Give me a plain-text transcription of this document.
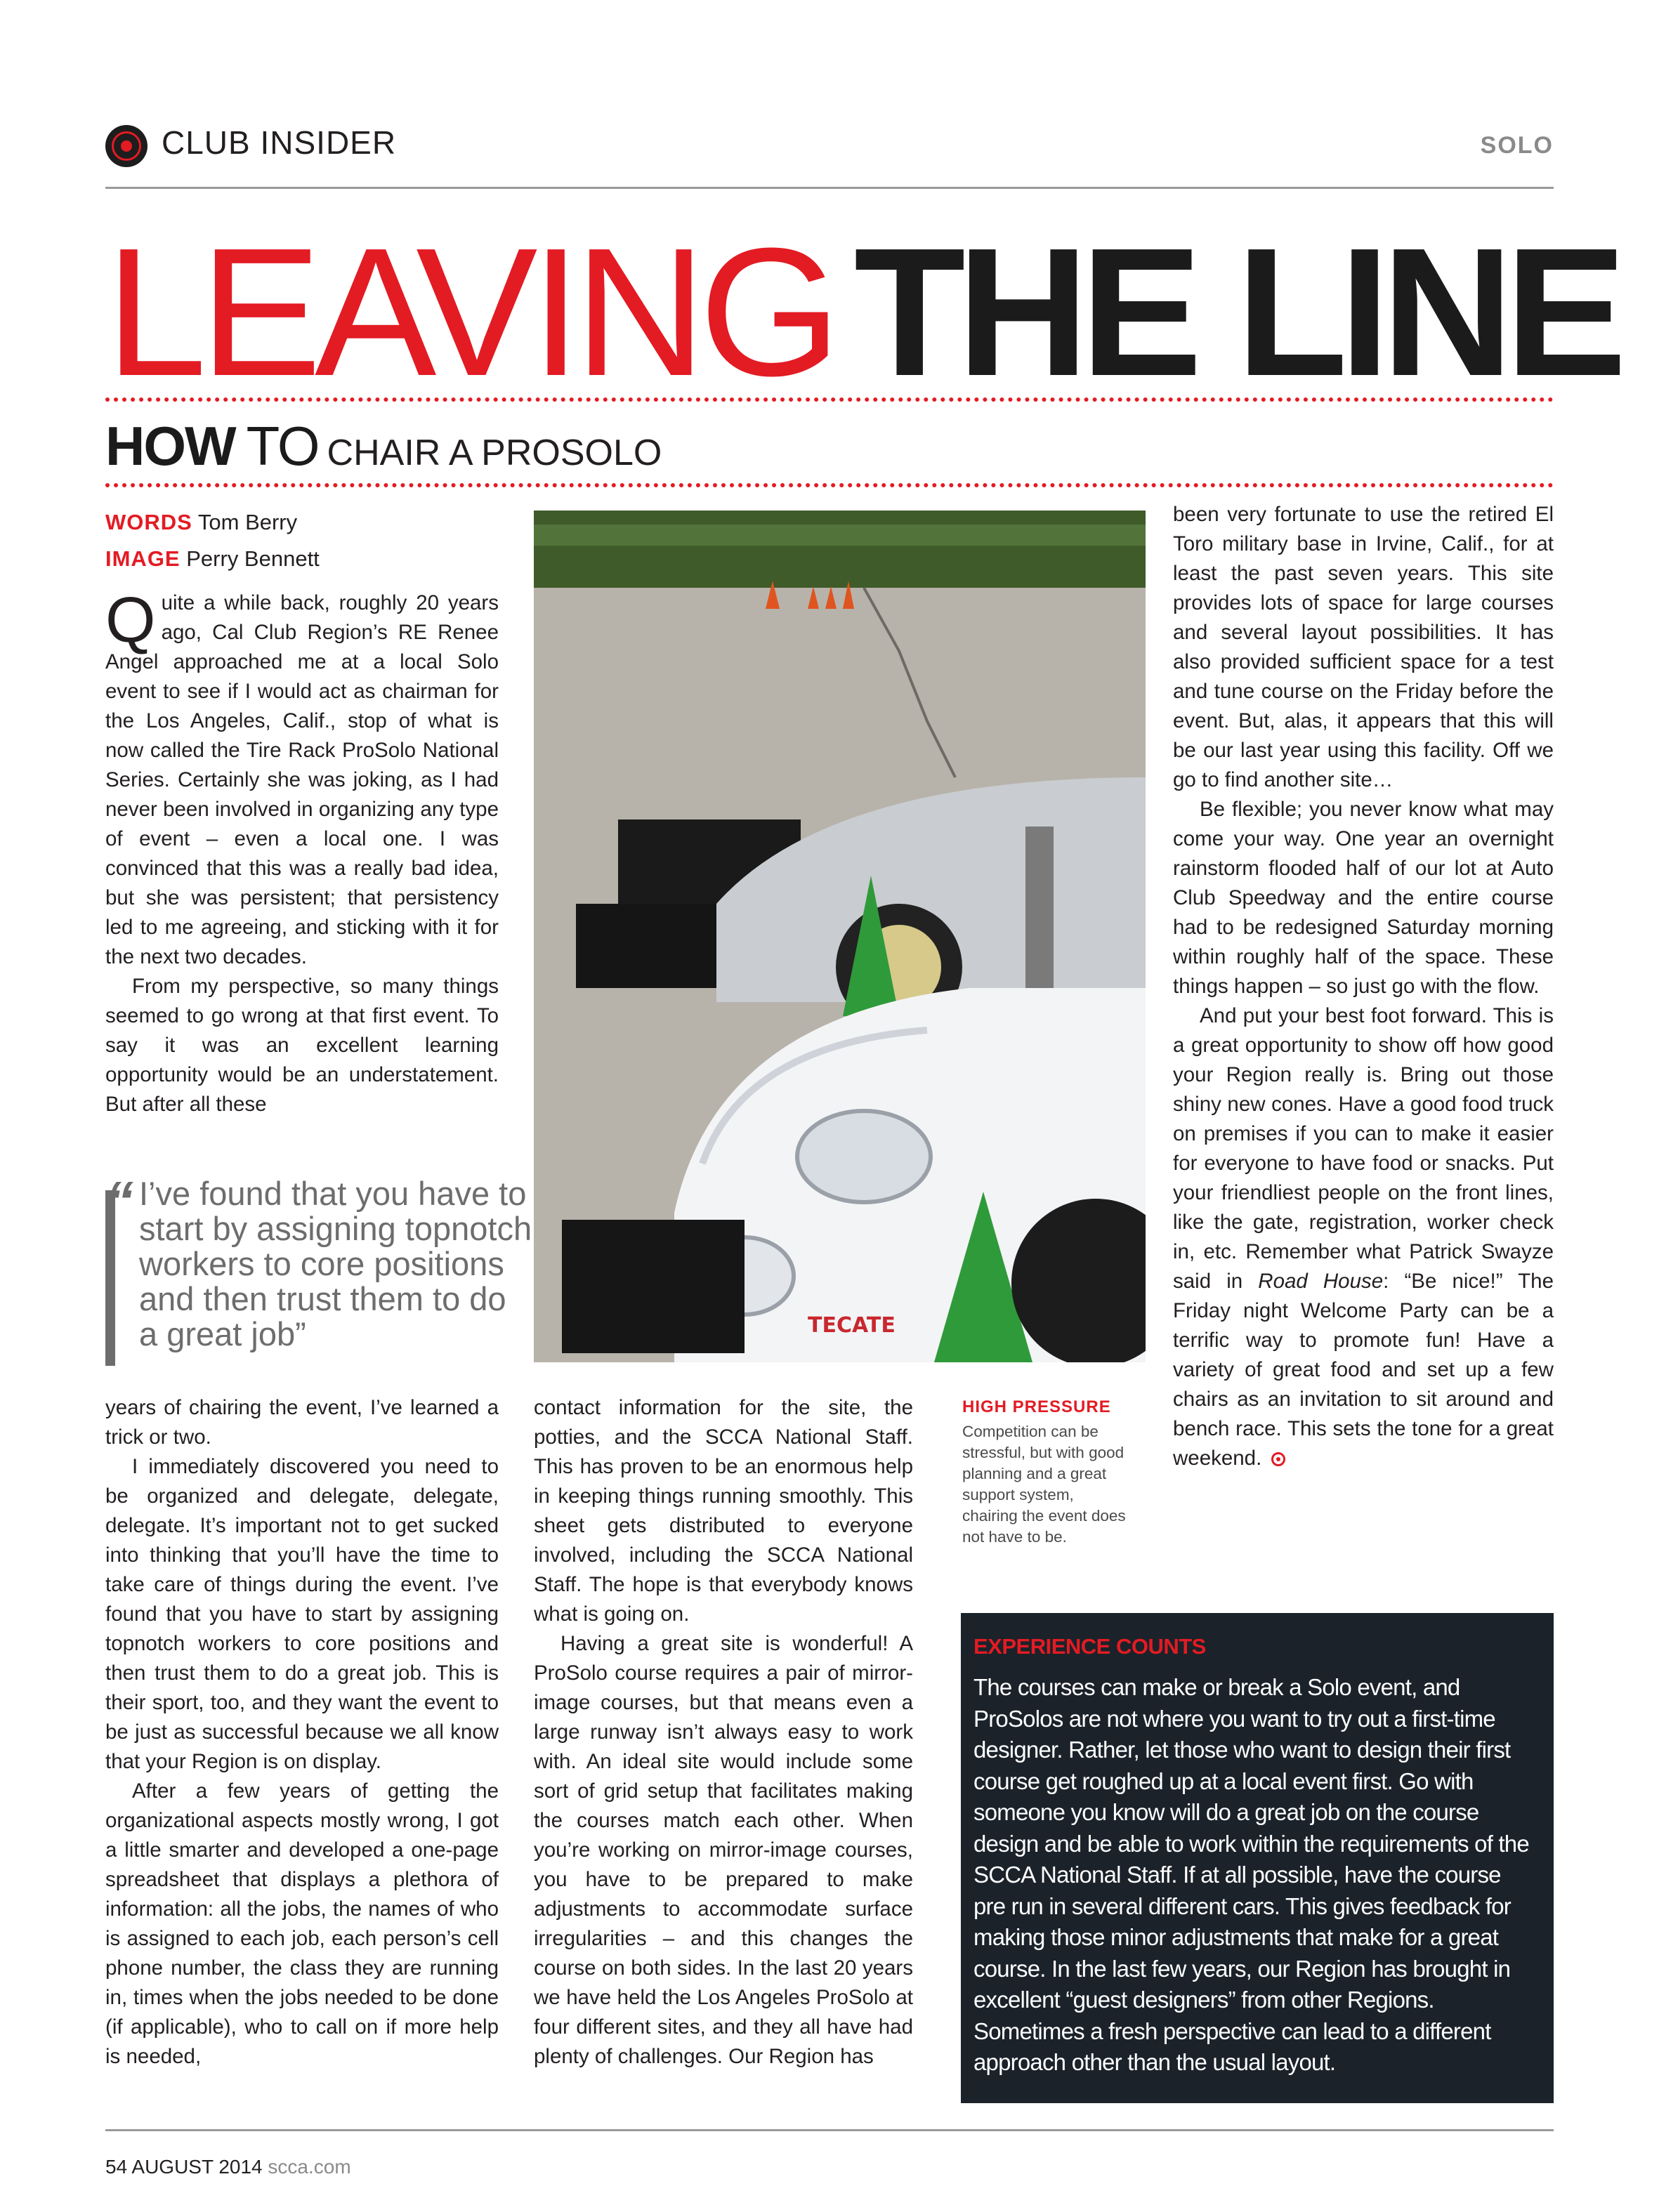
CLUB INSIDER	SOLO
LEAVING THE LINE
HOW TO CHAIR A PROSOLO
WORDS Tom Berry
IMAGE Perry Bennett

Quite a while back, roughly 20 years ago, Cal Club Region’s RE Renee Angel approached me at a local Solo event to see if I would act as chairman for the Los Angeles, Calif., stop of what is now called the Tire Rack ProSolo National Series. Certainly she was joking, as I had never been involved in organizing any type of event – even a local one. I was convinced that this was a really bad idea, but she was persistent; that persistency led to me agreeing, and sticking with it for the next two decades.

From my perspective, so many things seemed to go wrong at that first event. To say it was an excellent learning opportunity would be an understatement. But after all these

“ I’ve found that you have to start by assigning topnotch workers to core positions and then trust them to do a great job”

years of chairing the event, I’ve learned a trick or two.

I immediately discovered you need to be organized and delegate, delegate, delegate. It’s important not to get sucked into thinking that you’ll have the time to take care of things during the event. I’ve found that you have to start by assigning topnotch workers to core positions and then trust them to do a great job. This is their sport, too, and they want the event to be just as successful because we all know that your Region is on display.

After a few years of getting the organizational aspects mostly wrong, I got a little smarter and developed a one-page spreadsheet that displays a plethora of information: all the jobs, the names of who is assigned to each job, each person’s cell phone number, the class they are running in, times when the jobs needed to be done (if applicable), who to call on if more help is needed,

TECATE

contact information for the site, the potties, and the SCCA National Staff. This has proven to be an enormous help in keeping things running smoothly. This sheet gets distributed to everyone involved, including the SCCA National Staff. The hope is that everybody knows what is going on.

Having a great site is wonderful! A ProSolo course requires a pair of mirror-image courses, but that means even a large runway isn’t always easy to work with. An ideal site would include some sort of grid setup that facilitates making the courses match each other. When you’re working on mirror-image courses, you have to be prepared to make adjustments to accommodate surface irregularities – and this changes the course on both sides. In the last 20 years we have held the Los Angeles ProSolo at four different sites, and they all have had plenty of challenges. Our Region has

been very fortunate to use the retired El Toro military base in Irvine, Calif., for at least the past seven years. This site provides lots of space for large courses and several layout possibilities. It has also provided sufficient space for a test and tune course on the Friday before the event. But, alas, it appears that this will be our last year using this facility. Off we go to find another site…

Be flexible; you never know what may come your way. One year an overnight rainstorm flooded half of our lot at Auto Club Speedway and the entire course had to be redesigned Saturday morning within roughly half of the space. These things happen – so just go with the flow.

And put your best foot forward. This is a great opportunity to show off how good your Region really is. Bring out those shiny new cones. Have a good food truck on premises if you can to make it easier for everyone to have food or snacks. Put your friendliest people on the front lines, like the gate, registration, worker check in, etc. Remember what Patrick Swayze said in Road House: “Be nice!” The Friday night Welcome Party can be a terrific way to promote fun! Have a variety of great food and set up a few chairs as an invitation to sit around and bench race. This sets the tone for a great weekend.

HIGH PRESSURE
Competition can be stressful, but with good planning and a great support system, chairing the event does not have to be.
EXPERIENCE COUNTS
The courses can make or break a Solo event, and ProSolos are not where you want to try out a first-time designer. Rather, let those who want to design their first course get roughed up at a local event first. Go with someone you know will do a great job on the course design and be able to work within the requirements of the SCCA National Staff. If at all possible, have the course pre run in several different cars. This gives feedback for making those minor adjustments that make for a great course. In the last few years, our Region has brought in excellent “guest designers” from other Regions. Sometimes a fresh perspective can lead to a different approach other than the usual layout.
54 AUGUST 2014 scca.com
